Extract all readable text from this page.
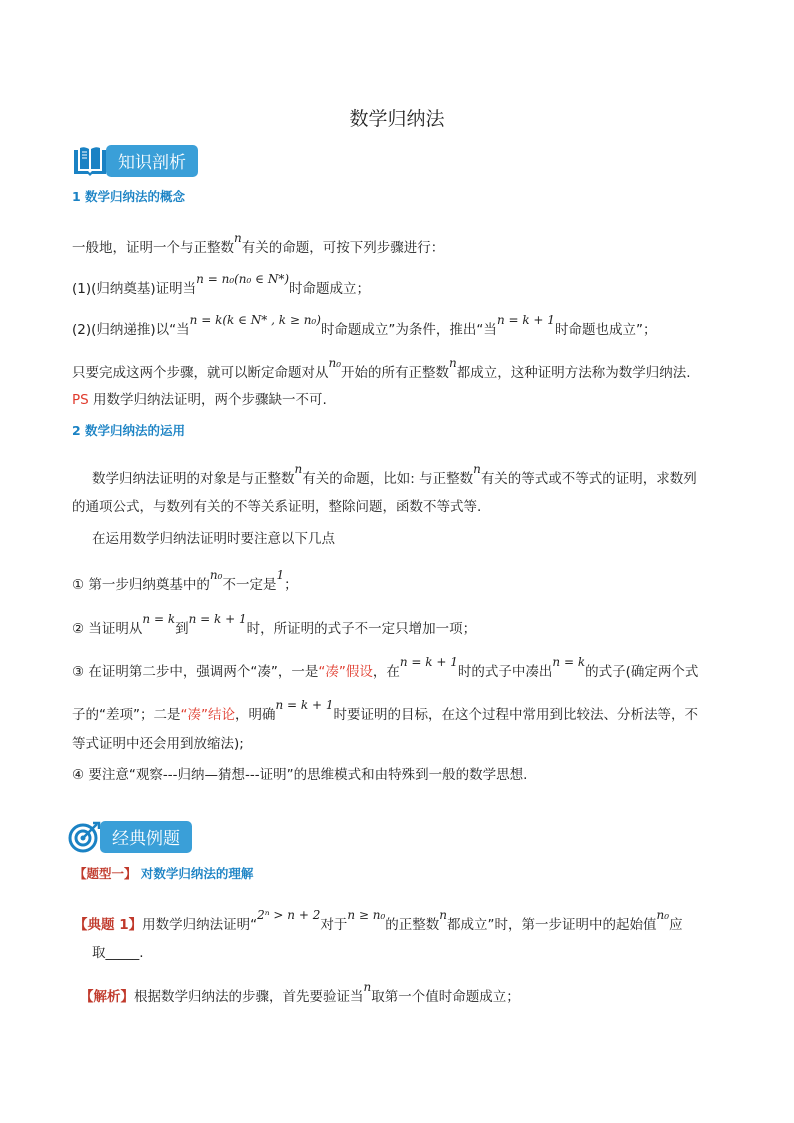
数学归纳法
知识剖析
1 数学归纳法的概念
一般地，证明一个与正整数n有关的命题，可按下列步骤进行：
(1)(归纳奠基)证明当n = n₀(n₀ ∈ N*)时命题成立；
(2)(归纳递推)以“当n = k(k ∈ N* , k ≥ n₀)时命题成立”为条件，推出“当n = k + 1时命题也成立”；
只要完成这两个步骤，就可以断定命题对从n₀开始的所有正整数n都成立，这种证明方法称为数学归纳法.
PS 用数学归纳法证明，两个步骤缺一不可.
2 数学归纳法的运用
数学归纳法证明的对象是与正整数n有关的命题，比如: 与正整数n有关的等式或不等式的证明，求数列
的通项公式，与数列有关的不等关系证明，整除问题，函数不等式等.
在运用数学归纳法证明时要注意以下几点
① 第一步归纳奠基中的n₀不一定是1；
② 当证明从n = k到n = k + 1时，所证明的式子不一定只增加一项；
③ 在证明第二步中，强调两个“凑”，一是“凑”假设，在n = k + 1时的式子中凑出n = k的式子(确定两个式
子的“差项”；二是“凑”结论，明确n = k + 1时要证明的目标，在这个过程中常用到比较法、分析法等，不
等式证明中还会用到放缩法);
④ 要注意“观察---归纳—猜想---证明”的思维模式和由特殊到一般的数学思想.
经典例题
【题型一】 对数学归纳法的理解
【典题 1】用数学归纳法证明“2ⁿ > n + 2对于n ≥ n₀的正整数n都成立”时，第一步证明中的起始值n₀应
取_____.
【解析】根据数学归纳法的步骤，首先要验证当n取第一个值时命题成立；
